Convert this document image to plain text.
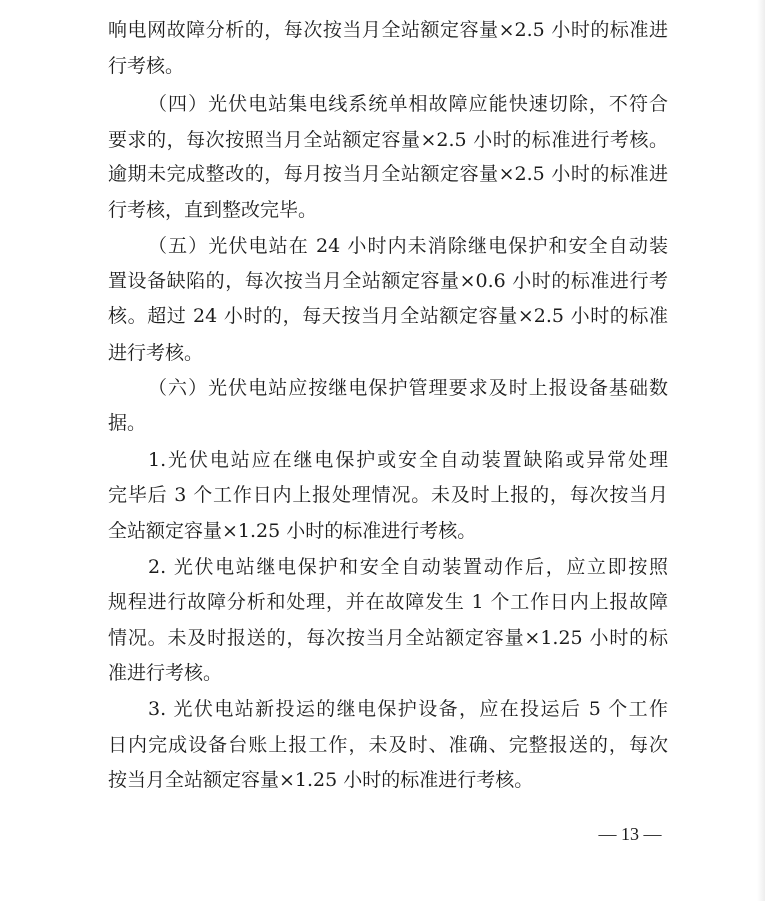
响电网故障分析的，每次按当月全站额定容量×2.5 小时的标准进

行考核。

（四）光伏电站集电线系统单相故障应能快速切除，不符合

要求的，每次按照当月全站额定容量×2.5 小时的标准进行考核。

逾期未完成整改的，每月按当月全站额定容量×2.5 小时的标准进

行考核，直到整改完毕。

（五）光伏电站在 24 小时内未消除继电保护和安全自动装

置设备缺陷的，每次按当月全站额定容量×0.6 小时的标准进行考

核。超过 24 小时的，每天按当月全站额定容量×2.5 小时的标准

进行考核。

（六）光伏电站应按继电保护管理要求及时上报设备基础数

据。

1.光伏电站应在继电保护或安全自动装置缺陷或异常处理

完毕后 3 个工作日内上报处理情况。未及时上报的，每次按当月

全站额定容量×1.25 小时的标准进行考核。

2. 光伏电站继电保护和安全自动装置动作后，应立即按照

规程进行故障分析和处理，并在故障发生 1 个工作日内上报故障

情况。未及时报送的，每次按当月全站额定容量×1.25 小时的标

准进行考核。

3. 光伏电站新投运的继电保护设备，应在投运后 5 个工作

日内完成设备台账上报工作，未及时、准确、完整报送的，每次

按当月全站额定容量×1.25 小时的标准进行考核。

— 13 —
